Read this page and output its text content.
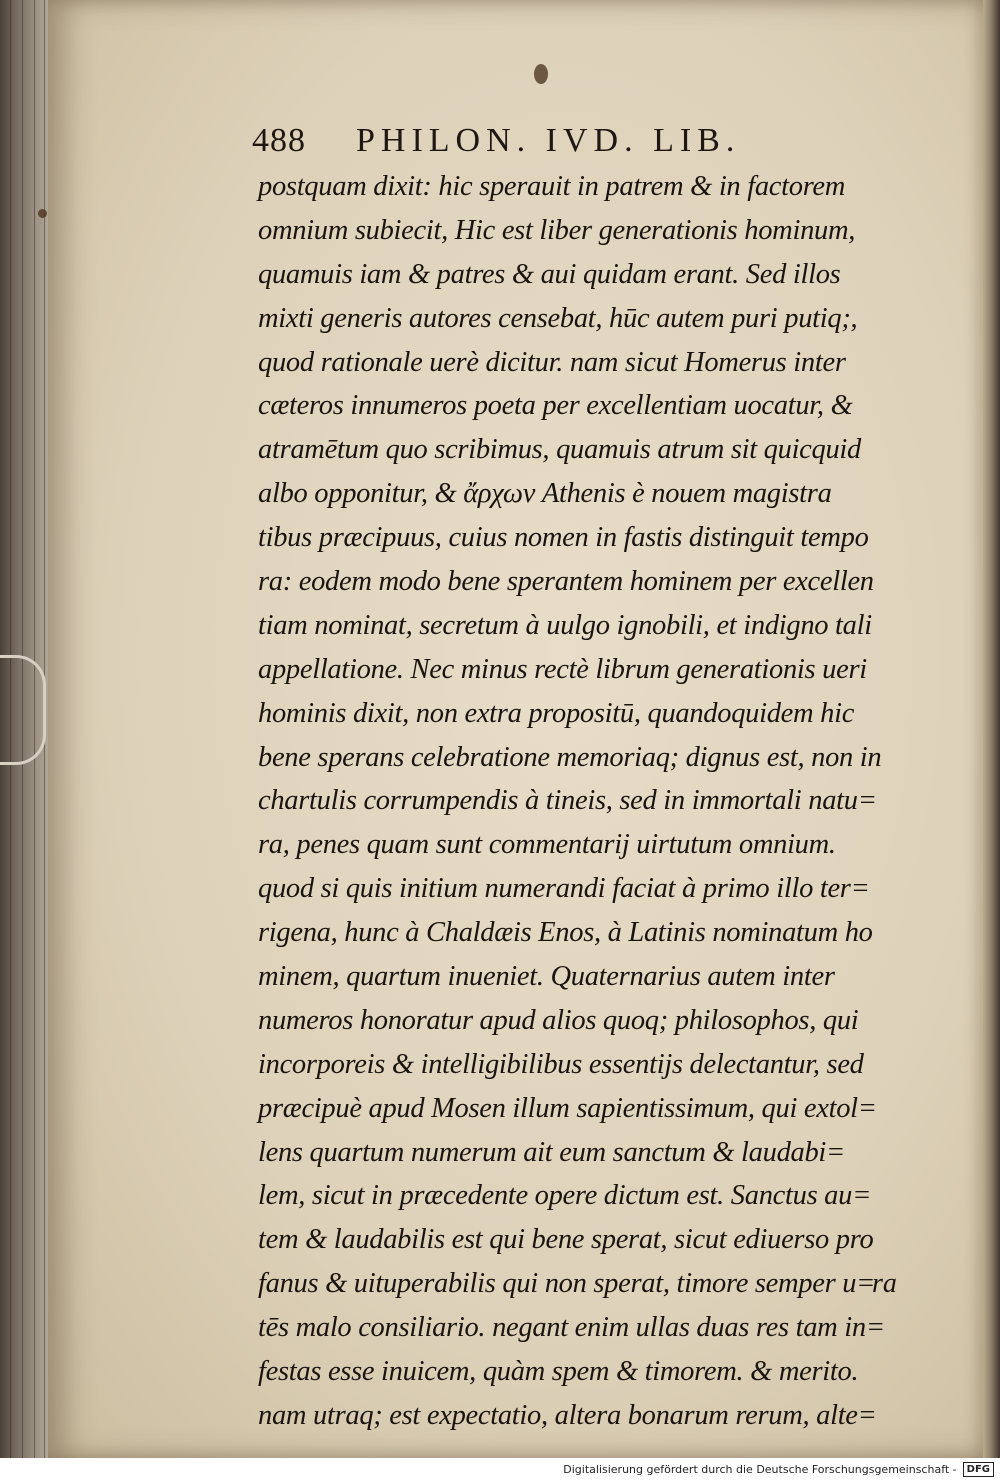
488 PHILON. IVD. LIB.
postquam dixit: hic sperauit in patrem & in factorem
omnium subiecit, Hic est liber generationis hominum,
quamuis iam & patres & aui quidam erant. Sed illos
mixti generis autores censebat, hūc autem puri putiq;,
quod rationale uerè dicitur. nam sicut Homerus inter
cæteros innumeros poeta per excellentiam uocatur, &
atramētum quo scribimus, quamuis atrum sit quicquid
albo opponitur, & ἄρχων Athenis è nouem magistra
tibus præcipuus, cuius nomen in fastis distinguit tempo
ra: eodem modo bene sperantem hominem per excellen
tiam nominat, secretum à uulgo ignobili, et indigno tali
appellatione. Nec minus rectè librum generationis ueri
hominis dixit, non extra propositū, quandoquidem hic
bene sperans celebratione memoriaq; dignus est, non in
chartulis corrumpendis à tineis, sed in immortali natu=
ra, penes quam sunt commentarij uirtutum omnium.
quod si quis initium numerandi faciat à primo illo ter=
rigena, hunc à Chaldæis Enos, à Latinis nominatum ho
minem, quartum inueniet. Quaternarius autem inter
numeros honoratur apud alios quoq; philosophos, qui
incorporeis & intelligibilibus essentijs delectantur, sed
præcipuè apud Mosen illum sapientissimum, qui extol=
lens quartum numerum ait eum sanctum & laudabi=
lem, sicut in præcedente opere dictum est. Sanctus au=
tem & laudabilis est qui bene sperat, sicut ediuerso pro
fanus & uituperabilis qui non sperat, timore semper u=
tēs malo consiliario. negant enim ullas duas res tam in=
festas esse inuicem, quàm spem & timorem. & merito.
nam utraq; est expectatio, altera bonarum rerum, alte=
ra
Digitalisierung gefördert durch die Deutsche Forschungsgemeinschaft -	DFG
